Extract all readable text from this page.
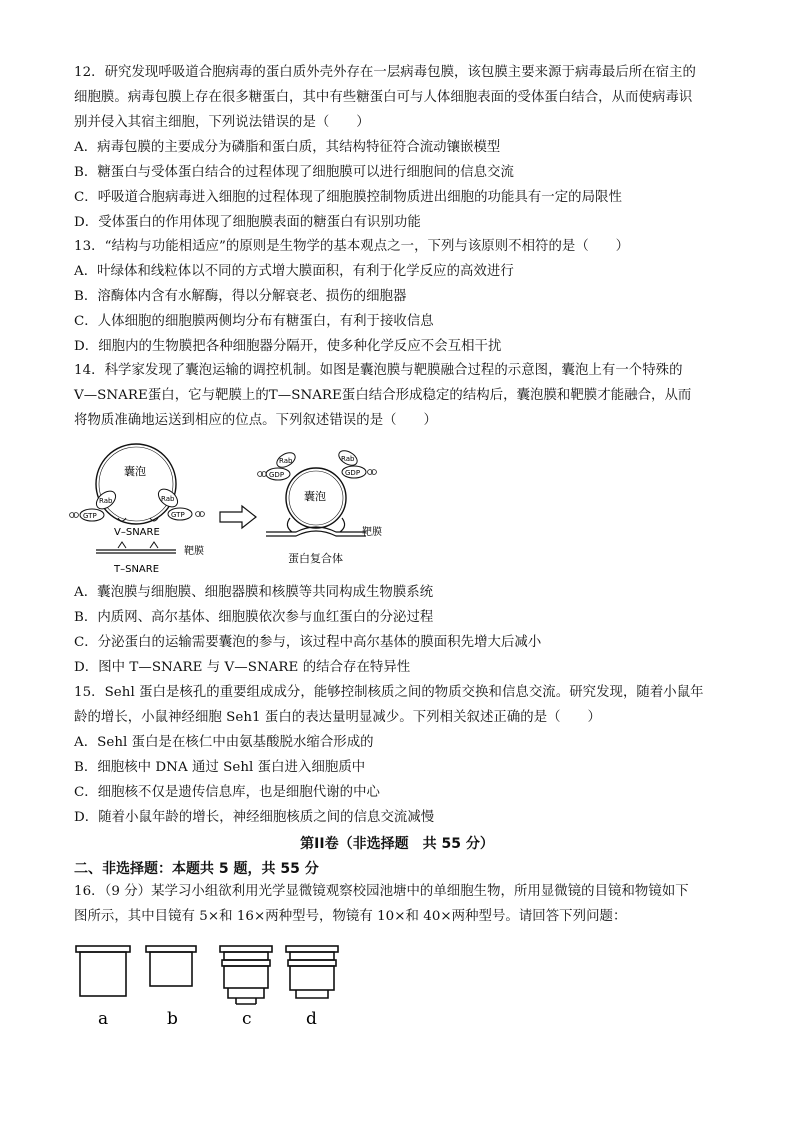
12．研究发现呼吸道合胞病毒的蛋白质外壳外存在一层病毒包膜，该包膜主要来源于病毒最后所在宿主的
细胞膜。病毒包膜上存在很多糖蛋白，其中有些糖蛋白可与人体细胞表面的受体蛋白结合，从而使病毒识
别并侵入其宿主细胞，下列说法错误的是（　　）
A．病毒包膜的主要成分为磷脂和蛋白质，其结构特征符合流动镶嵌模型
B．糖蛋白与受体蛋白结合的过程体现了细胞膜可以进行细胞间的信息交流
C．呼吸道合胞病毒进入细胞的过程体现了细胞膜控制物质进出细胞的功能具有一定的局限性
D．受体蛋白的作用体现了细胞膜表面的糖蛋白有识别功能
13．“结构与功能相适应”的原则是生物学的基本观点之一，下列与该原则不相符的是（　　）
A．叶绿体和线粒体以不同的方式增大膜面积，有利于化学反应的高效进行
B．溶酶体内含有水解酶，得以分解衰老、损伤的细胞器
C．人体细胞的细胞膜两侧均分布有糖蛋白，有利于接收信息
D．细胞内的生物膜把各种细胞器分隔开，使多种化学反应不会互相干扰
14．科学家发现了囊泡运输的调控机制。如图是囊泡膜与靶膜融合过程的示意图，囊泡上有一个特殊的
V—SNARE蛋白，它与靶膜上的T—SNARE蛋白结合形成稳定的结构后，囊泡膜和靶膜才能融合，从而
将物质准确地运送到相应的位点。下列叙述错误的是（　　）
囊泡
Rab	Rab
GTP	GTP
V–SNARE
靶膜
T–SNARE
囊泡
Rab
GDP
Rab
GDP
靶膜
蛋白复合体
A．囊泡膜与细胞膜、细胞器膜和核膜等共同构成生物膜系统
B．内质网、高尔基体、细胞膜依次参与血红蛋白的分泌过程
C．分泌蛋白的运输需要囊泡的参与，该过程中高尔基体的膜面积先增大后减小
D．图中 T—SNARE 与 V—SNARE 的结合存在特异性
15．Sehl 蛋白是核孔的重要组成成分，能够控制核质之间的物质交换和信息交流。研究发现，随着小鼠年
龄的增长，小鼠神经细胞 Seh1 蛋白的表达量明显减少。下列相关叙述正确的是（　　）
A．Sehl 蛋白是在核仁中由氨基酸脱水缩合形成的
B．细胞核中 DNA 通过 Sehl 蛋白进入细胞质中
C．细胞核不仅是遗传信息库，也是细胞代谢的中心
D．随着小鼠年龄的增长，神经细胞核质之间的信息交流减慢
第II卷（非选择题　共 55 分）
二、非选择题：本题共 5 题，共 55 分
16．（9 分）某学习小组欲利用光学显微镜观察校园池塘中的单细胞生物，所用显微镜的目镜和物镜如下
图所示，其中目镜有 5×和 16×两种型号，物镜有 10×和 40×两种型号。请回答下列问题：
a	b	c	d
